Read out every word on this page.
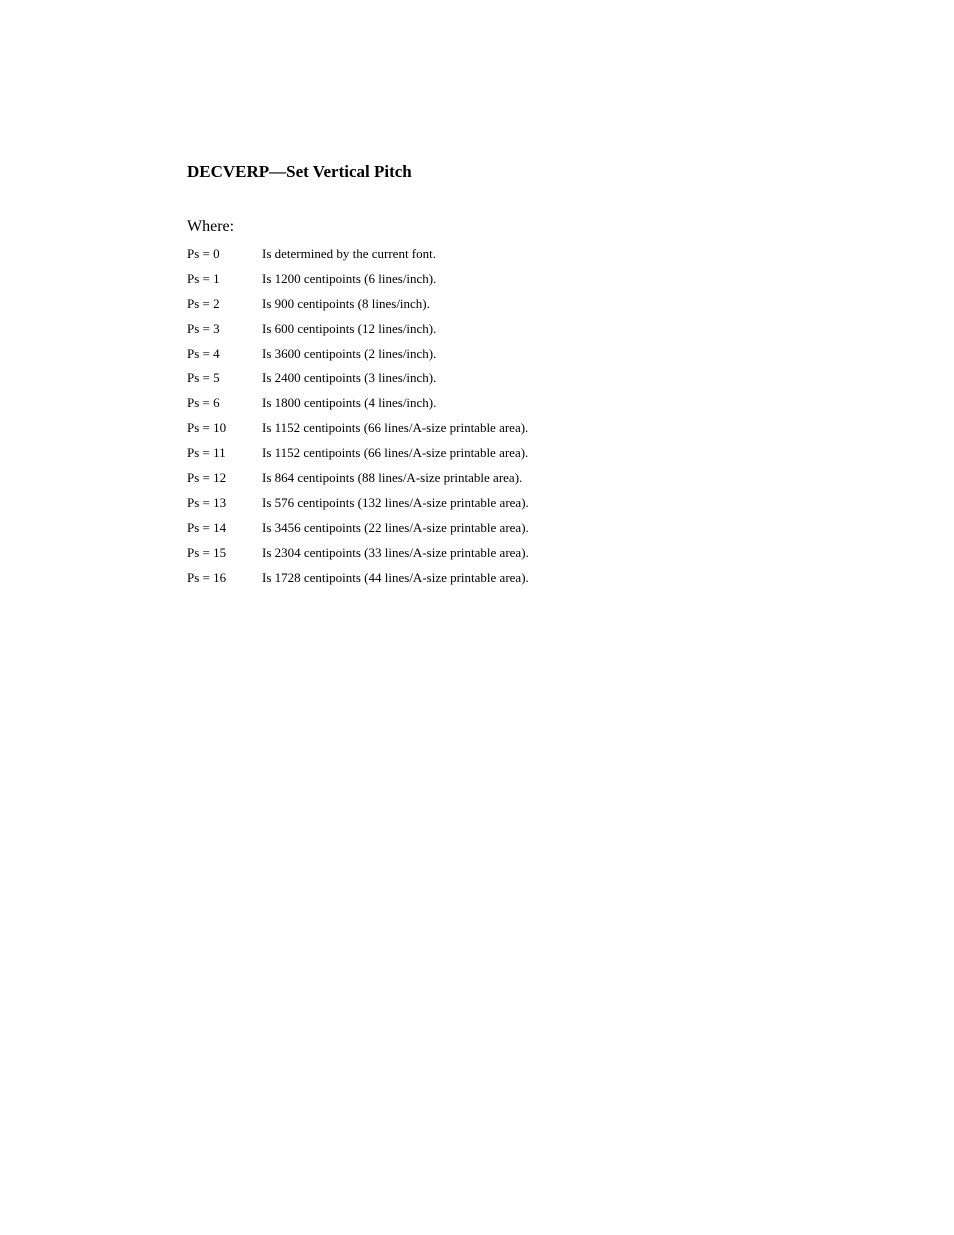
DECVERP—Set Vertical Pitch
Where:
Ps = 0	Is determined by the current font.
Ps = 1	Is 1200 centipoints (6 lines/inch).
Ps = 2	Is 900 centipoints (8 lines/inch).
Ps = 3	Is 600 centipoints (12 lines/inch).
Ps = 4	Is 3600 centipoints (2 lines/inch).
Ps = 5	Is 2400 centipoints (3 lines/inch).
Ps = 6	Is 1800 centipoints (4 lines/inch).
Ps = 10	Is 1152 centipoints (66 lines/A-size printable area).
Ps = 11	Is 1152 centipoints (66 lines/A-size printable area).
Ps = 12	Is 864 centipoints (88 lines/A-size printable area).
Ps = 13	Is 576 centipoints (132 lines/A-size printable area).
Ps = 14	Is 3456 centipoints (22 lines/A-size printable area).
Ps = 15	Is 2304 centipoints (33 lines/A-size printable area).
Ps = 16	Is 1728 centipoints (44 lines/A-size printable area).
